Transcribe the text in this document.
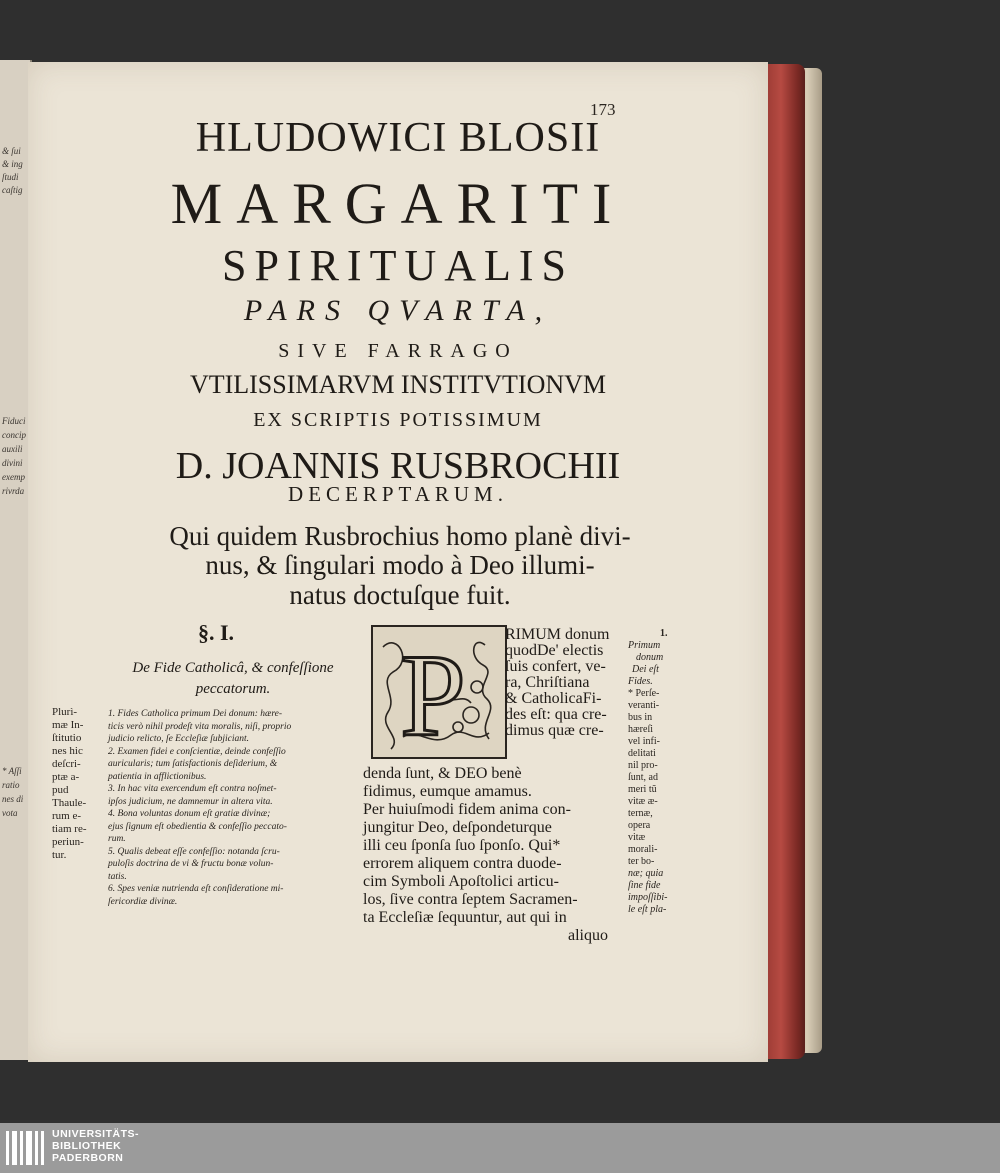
& ſui
& ing
ſtudi
caſtig
Fiduci
concip
auxili
divini
exemp
rivrda
* Aſſi
ratio
nes di
vota
173
HLUDOWICI BLOSII
MARGARITI
SPIRITUALIS
PARS QVARTA,
SIVE FARRAGO
VTILISSIMARVM INSTITVTIONVM
EX SCRIPTIS POTISSIMUM
D. JOANNIS RUSBROCHII
DECERPTARUM.
Qui quidem Rusbrochius homo planè divi-
nus, & ſingulari modo à Deo illumi-
natus doctuſque fuit.
§. I.
De Fide Catholicâ, & confeſſione
peccatorum.
Plurì-
mæ In-
ſtitutio
nes hic
deſcri-
ptæ a-
pud
Thaule-
rum e-
tiam re-
periun-
tur.
1. Fides Catholica primum Dei donum: hære-
ticis verò nihil prodeſt vita moralis, niſi, proprio
judicio relicto, ſe Eccleſiæ ſubjiciant.
2. Examen fidei e conſcientiæ, deinde confeſſio
auricularis; tum ſatisfactionis deſiderium, &
patientia in afflictionibus.
3. In hac vita exercendum eſt contra noſmet-
ipſos judicium, ne damnemur in altera vita.
4. Bona voluntas donum eſt gratiæ divinæ;
ejus ſignum eſt obedientia & confeſſio peccato-
rum.
5. Qualis debeat eſſe confeſſio: notanda ſcru-
puloſis doctrina de vi & fructu bonæ volun-
tatis.
6. Spes veniæ nutrienda eſt conſideratione mi-
ſericordiæ divinæ.
P RIMUM donum
quodDe' electis
ſuis confert, ve-
ra, Chriſtiana
& CatholicaFi-
des eſt: qua cre-
dimus quæ cre-
denda ſunt, & DEO benè
fidimus, eumque amamus.
Per huiuſmodi fidem anima con-
jungitur Deo, deſpondeturque
illi ceu ſponſa ſuo ſponſo. Qui*
errorem aliquem contra duode-
cim Symboli Apoſtolici articu-
los, ſive contra ſeptem Sacramen-
ta Eccleſiæ ſequuntur, aut qui in
aliquo
1.
Primum
donum
Dei eſt
Fides.
* Perſe-
veranti-
bus in
hæreſi
vel infi-
delitati
nil pro-
ſunt, ad
meri tũ
vitæ æ-
ternæ,
opera
vitæ
morali-
ter bo-
næ; quia
ſine fide
impoſſibi-
le eſt pla-
UNIVERSITÄTS-
BIBLIOTHEK
PADERBORN
